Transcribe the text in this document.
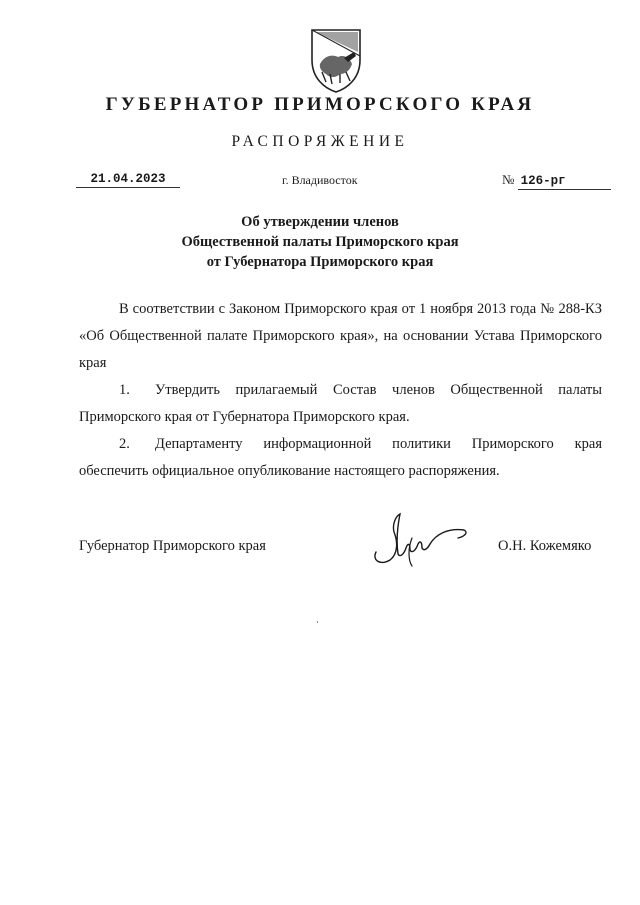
ГУБЕРНАТОР ПРИМОРСКОГО КРАЯ
РАСПОРЯЖЕНИЕ
21.04.2023	г. Владивосток	№ 126-рг
Об утверждении членов
Общественной палаты Приморского края
от Губернатора Приморского края

В соответствии с Законом Приморского края от 1 ноября 2013 года № 288-КЗ «Об Общественной палате Приморского края», на основании Устава Приморского края

1. Утвердить прилагаемый Состав членов Общественной палаты Приморского края от Губернатора Приморского края.

2. Департаменту информационной политики Приморского края обеспечить официальное опубликование настоящего распоряжения.

Губернатор Приморского края	О.Н. Кожемяко
